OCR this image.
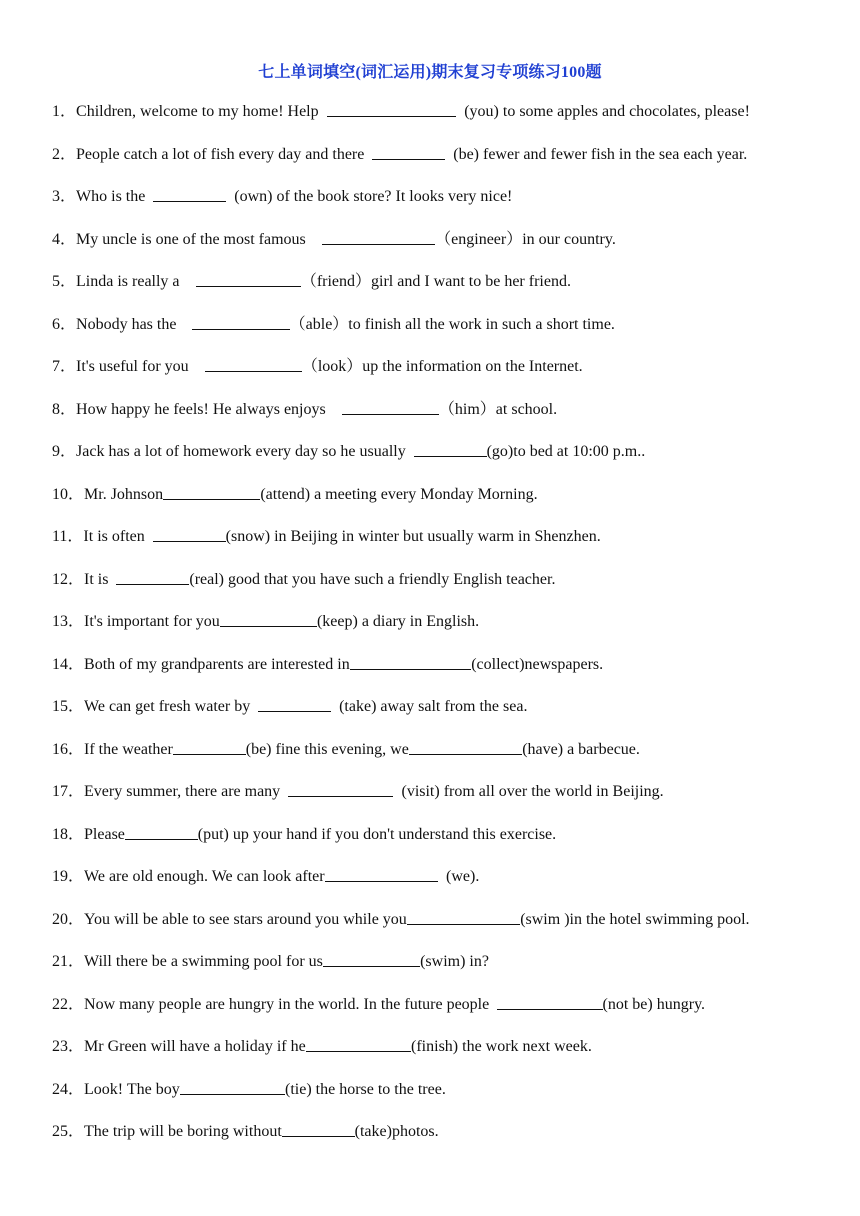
七上单词填空(词汇运用)期末复习专项练习100题
1．Children, welcome to my home! Help	(you) to some apples and chocolates, please!
2．People catch a lot of fish every day and there	(be) fewer and fewer fish in the sea each year.
3．Who is the	(own) of the book store? It looks very nice!
4．My uncle is one of the most famous	（engineer）in our country.
5．Linda is really a	（friend）girl and I want to be her friend.
6．Nobody has the	（able）to finish all the work in such a short time.
7．It's useful for you	（look）up the information on the Internet.
8．How happy he feels! He always enjoys	（him）at school.
9．Jack has a lot of homework every day so he usually	(go)to bed at 10:00 p.m..
10．Mr. Johnson	(attend) a meeting every Monday Morning.
11．It is often	(snow) in Beijing in winter but usually warm in Shenzhen.
12．It is	(real) good that you have such a friendly English teacher.
13．It's important for you	(keep) a diary in English.
14．Both of my grandparents are interested in	(collect)newspapers.
15．We can get fresh water by	(take) away salt from the sea.
16．If the weather	(be) fine this evening, we	(have) a barbecue.
17．Every summer, there are many	(visit) from all over the world in Beijing.
18．Please	(put) up your hand if you don't understand this exercise.
19．We are old enough. We can look after	(we).
20．You will be able to see stars around you while you	(swim )in the hotel swimming pool.
21．Will there be a swimming pool for us	(swim) in?
22．Now many people are hungry in the world. In the future people	(not be) hungry.
23．Mr Green will have a holiday if he	(finish) the work next week.
24．Look! The boy	(tie) the horse to the tree.
25．The trip will be boring without	(take)photos.
